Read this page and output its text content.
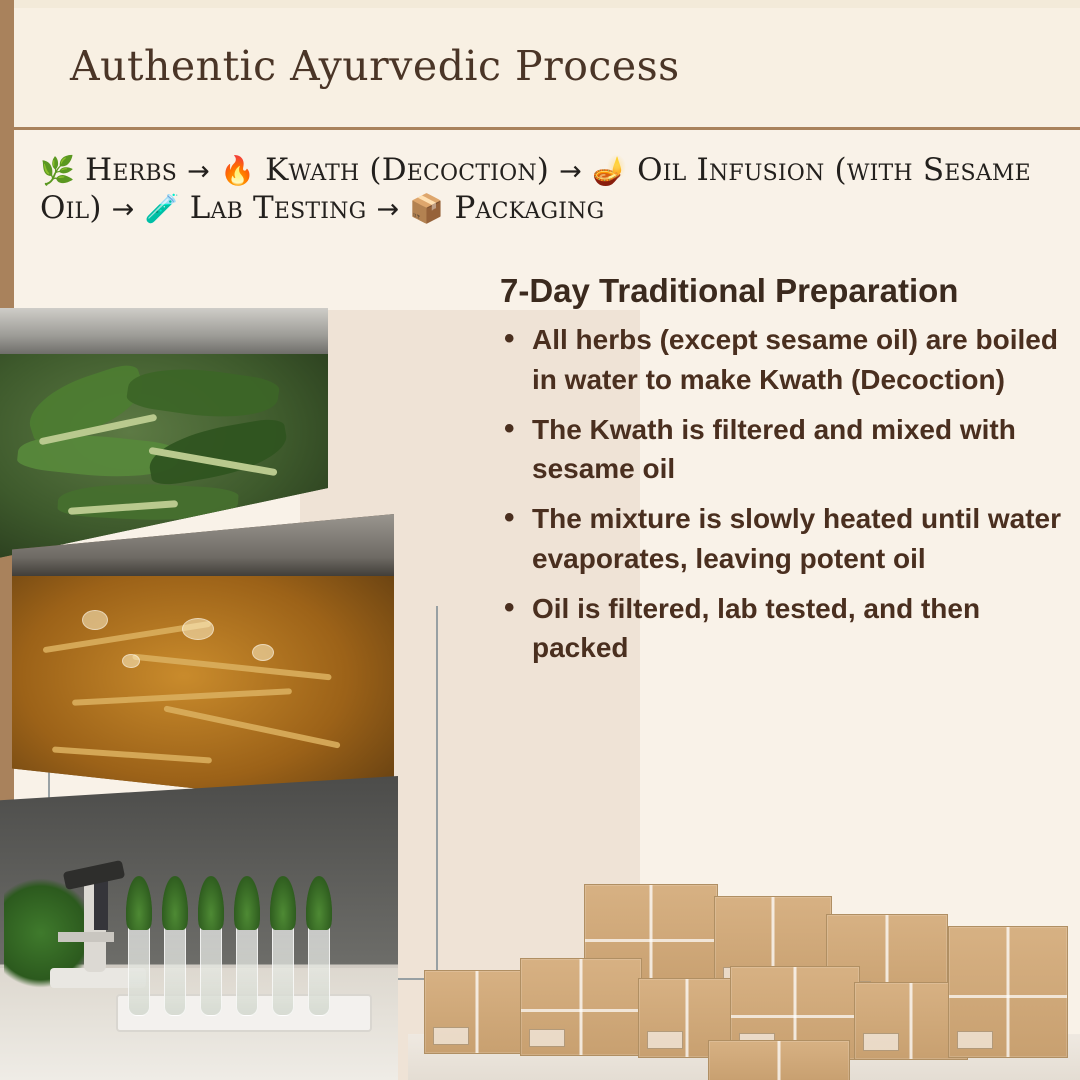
Authentic Ayurvedic Process
🌿 Herbs → 🔥 Kwath (Decoction) → 🪔 Oil Infusion (with Sesame Oil) → 🧪 Lab Testing → 📦 Packaging
7-Day Traditional Preparation
• All herbs (except sesame oil) are boiled in water to make Kwath (Decoction)
• The Kwath is filtered and mixed with sesame oil
• The mixture is slowly heated until water evaporates, leaving potent oil
• Oil is filtered, lab tested, and then packed
